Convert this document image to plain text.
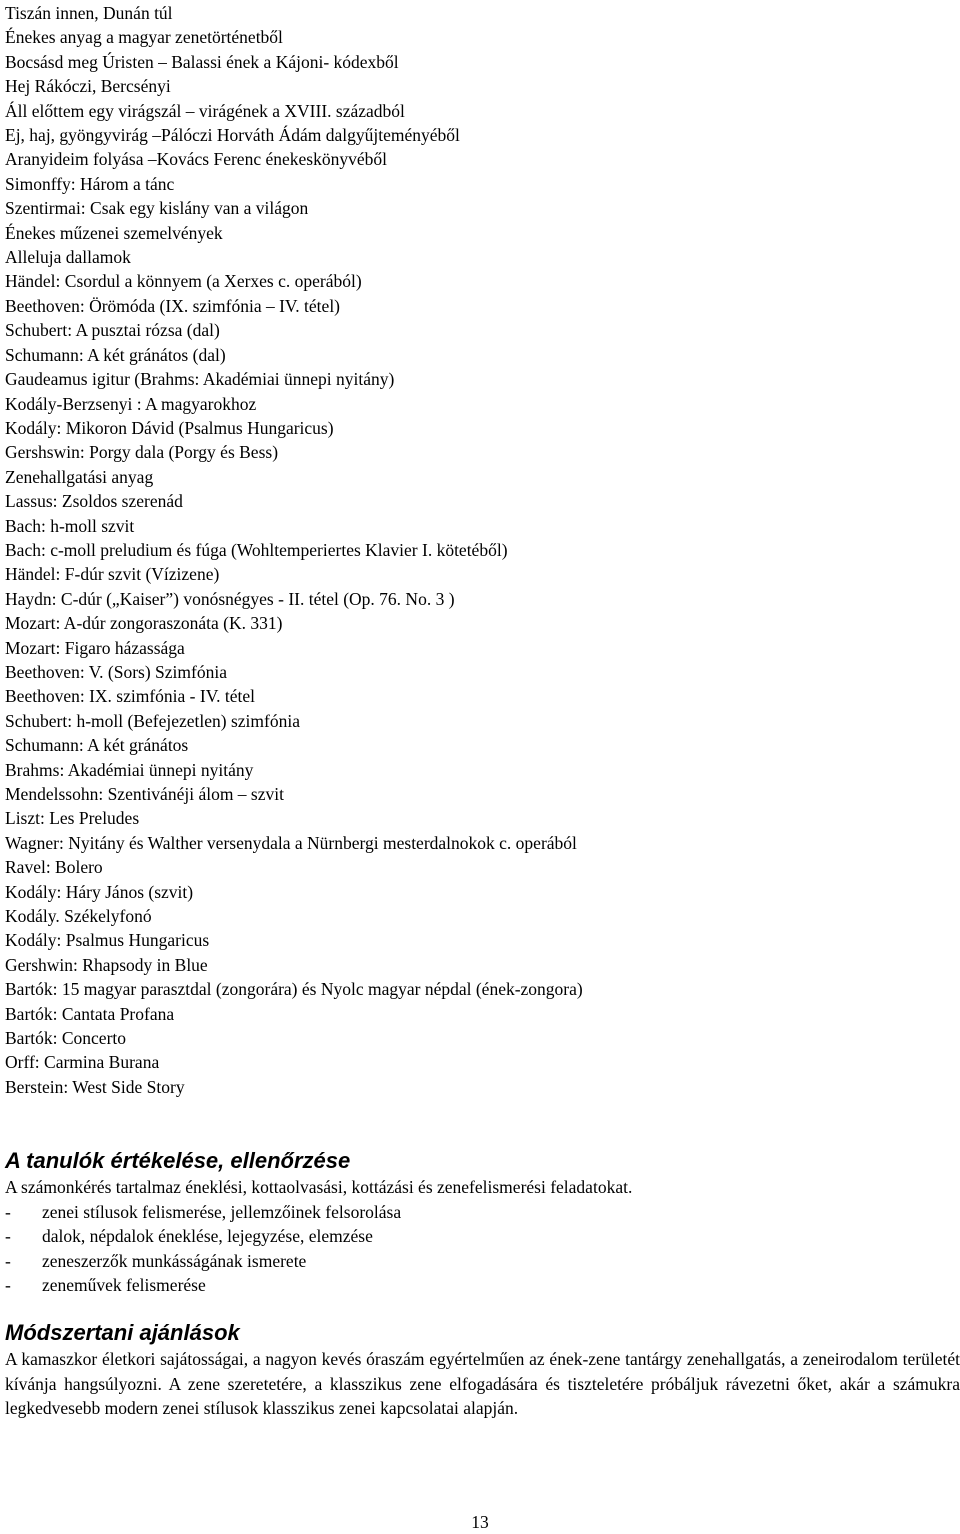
Tiszán innen, Dunán túl
Énekes anyag a magyar zenetörténetből
Bocsásd meg Úristen – Balassi ének a Kájoni- kódexből
Hej Rákóczi, Bercsényi
Áll előttem egy virágszál – virágének a XVIII. századból
Ej, haj, gyöngyvirág –Pálóczi Horváth Ádám dalgyűjteményéből
Aranyideim folyása –Kovács Ferenc énekeskönyvéből
Simonffy: Három a tánc
Szentirmai: Csak egy kislány van a világon
Énekes műzenei szemelvények
Alleluja dallamok
Händel: Csordul a könnyem (a Xerxes c. operából)
Beethoven: Örömóda (IX. szimfónia – IV. tétel)
Schubert: A pusztai rózsa (dal)
Schumann: A két gránátos (dal)
Gaudeamus igitur (Brahms: Akadémiai ünnepi nyitány)
Kodály-Berzsenyi : A magyarokhoz
Kodály: Mikoron Dávid (Psalmus Hungaricus)
Gershswin: Porgy dala (Porgy és Bess)
Zenehallgatási anyag
Lassus: Zsoldos szerenád
Bach: h-moll szvit
Bach: c-moll preludium és fúga (Wohltemperiertes Klavier I. kötetéből)
Händel: F-dúr szvit (Vízizene)
Haydn: C-dúr („Kaiser”) vonósnégyes - II. tétel (Op. 76. No. 3 )
Mozart: A-dúr zongoraszonáta (K. 331)
Mozart: Figaro házassága
Beethoven: V. (Sors) Szimfónia
Beethoven: IX. szimfónia - IV. tétel
Schubert: h-moll (Befejezetlen) szimfónia
Schumann: A két gránátos
Brahms: Akadémiai ünnepi nyitány
Mendelssohn: Szentivánéji álom – szvit
Liszt: Les Preludes
Wagner: Nyitány és Walther versenydala a Nürnbergi mesterdalnokok c. operából
Ravel: Bolero
Kodály: Háry János (szvit)
Kodály. Székelyfonó
Kodály: Psalmus Hungaricus
Gershwin: Rhapsody in Blue
Bartók: 15 magyar parasztdal (zongorára) és Nyolc magyar népdal (ének-zongora)
Bartók: Cantata Profana
Bartók: Concerto
Orff: Carmina Burana
Berstein: West Side Story
A tanulók értékelése, ellenőrzése
A számonkérés tartalmaz éneklési, kottaolvasási, kottázási és zenefelismerési feladatokat.
-	zenei stílusok felismerése, jellemzőinek felsorolása
-	dalok, népdalok éneklése, lejegyzése, elemzése
-	zeneszerzők munkásságának ismerete
-	zeneművek felismerése
Módszertani ajánlások
A kamaszkor életkori sajátosságai, a nagyon kevés óraszám egyértelműen az ének-zene tantárgy zenehallgatás, a zeneirodalom területét kívánja hangsúlyozni. A zene szeretetére, a klasszikus zene elfogadására és tiszteletére próbáljuk rávezetni őket, akár a számukra legkedvesebb modern zenei stílusok klasszikus zenei kapcsolatai alapján.
13
